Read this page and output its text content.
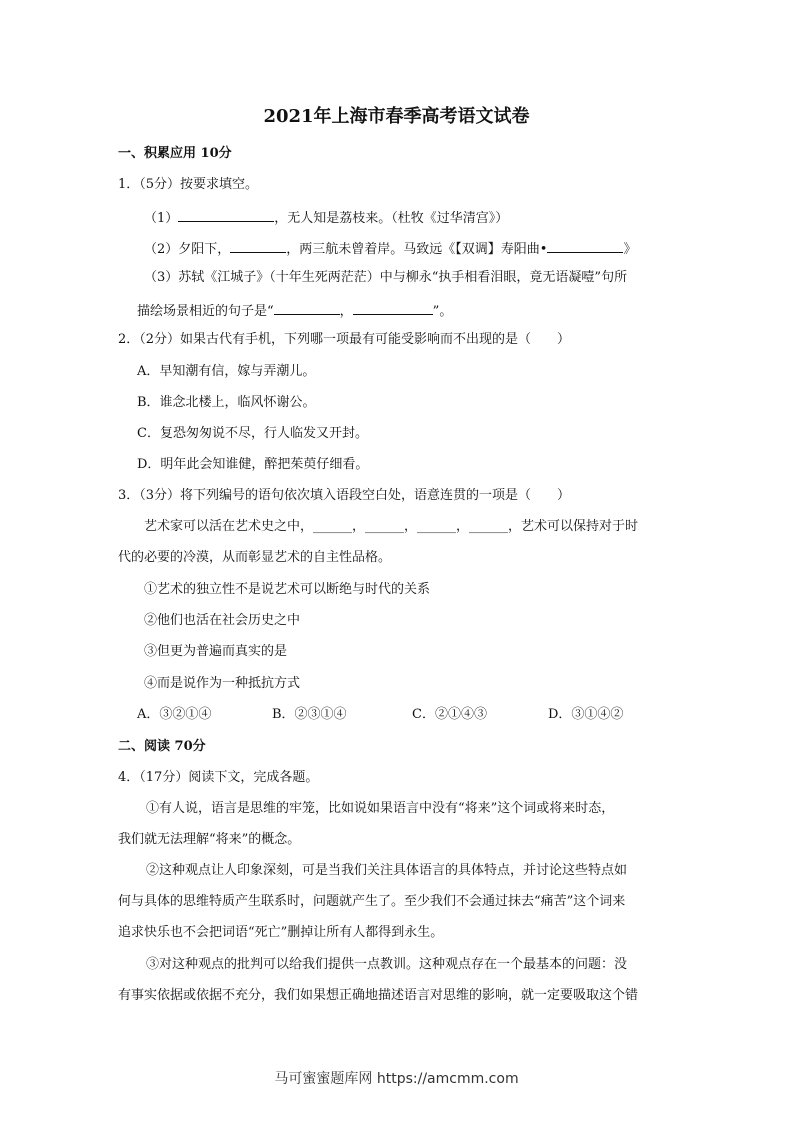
2021年上海市春季高考语文试卷
一、积累应用 10分
1．（5分）按要求填空。
（1）	，无人知是荔枝来。（杜牧《过华清宫》）
（2）夕阳下，	，两三航未曾着岸。马致远《【双调】寿阳曲•	》
（3）苏轼《江城子》（十年生死两茫茫）中与柳永“执手相看泪眼，竟无语凝噎”句所
描绘场景相近的句子是“	，	”。
2．（2分）如果古代有手机，下列哪一项最有可能受影响而不出现的是（　　）
A．早知潮有信，嫁与弄潮儿。
B．谁念北楼上，临风怀谢公。
C．复恐匆匆说不尽，行人临发又开封。
D．明年此会知谁健，醉把茱萸仔细看。
3．（3分）将下列编号的语句依次填入语段空白处，语意连贯的一项是（　　）
艺术家可以活在艺术史之中，______，______，______，______，艺术可以保持对于时
代的必要的冷漠，从而彰显艺术的自主性品格。
①艺术的独立性不是说艺术可以断绝与时代的关系
②他们也活在社会历史之中
③但更为普遍而真实的是
④而是说作为一种抵抗方式
A．③②①④	B．②③①④	C．②①④③	D．③①④②
二、阅读 70分
4．（17分）阅读下文，完成各题。
①有人说，语言是思维的牢笼，比如说如果语言中没有“将来”这个词或将来时态，
我们就无法理解“将来”的概念。
②这种观点让人印象深刻，可是当我们关注具体语言的具体特点，并讨论这些特点如
何与具体的思维特质产生联系时，问题就产生了。至少我们不会通过抹去“痛苦”这个词来
追求快乐也不会把词语“死亡”删掉让所有人都得到永生。
③对这种观点的批判可以给我们提供一点教训。这种观点存在一个最基本的问题：没
有事实依据或依据不充分，我们如果想正确地描述语言对思维的影响，就一定要吸取这个错
马可蜜蜜题库网 https://amcmm.com
